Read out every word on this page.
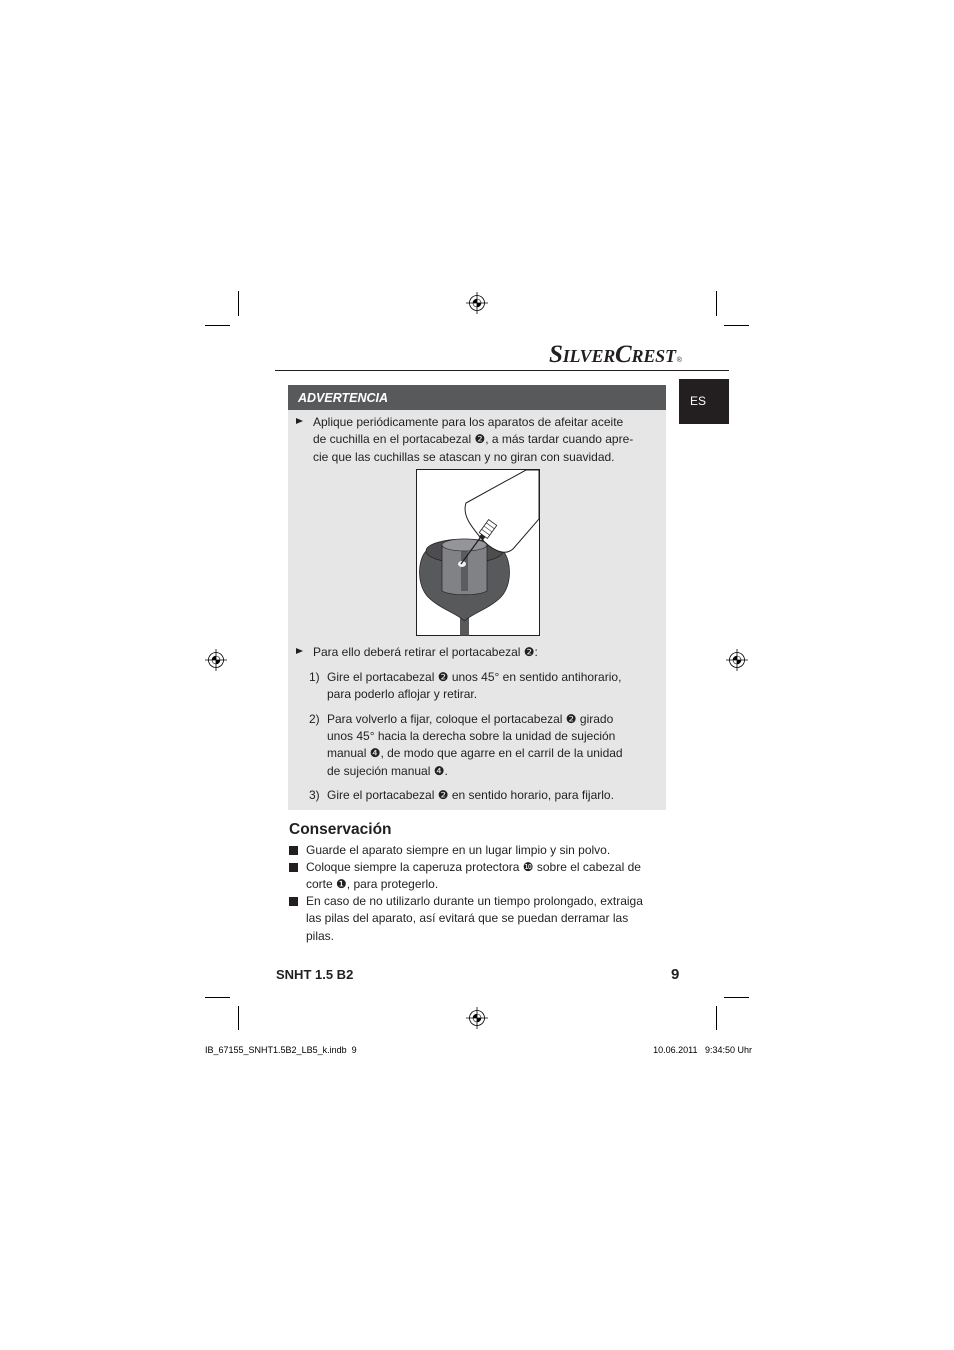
SilverCrest®
ES
ADVERTENCIA
Aplique periódicamente para los aparatos de afeitar aceite
de cuchilla en el portacabezal ❷, a más tardar cuando apre-
cie que las cuchillas se atascan y no giran con suavidad.
Para ello deberá retirar el portacabezal ❷:
1) Gire el portacabezal ❷ unos 45° en sentido antihorario,
para poderlo aflojar y retirar.
2) Para volverlo a fijar, coloque el portacabezal ❷ girado
unos 45° hacia la derecha sobre la unidad de sujeción
manual ❹, de modo que agarre en el carril de la unidad
de sujeción manual ❹.
3) Gire el portacabezal ❷ en sentido horario, para fijarlo.
Conservación
Guarde el aparato siempre en un lugar limpio y sin polvo.
Coloque siempre la caperuza protectora ❿ sobre el cabezal de
corte ❶, para protegerlo.
En caso de no utilizarlo durante un tiempo prolongado, extraiga
las pilas del aparato, así evitará que se puedan derramar las
pilas.
SNHT 1.5 B2	9
IB_67155_SNHT1.5B2_LB5_k.indb  9	10.06.2011   9:34:50 Uhr
